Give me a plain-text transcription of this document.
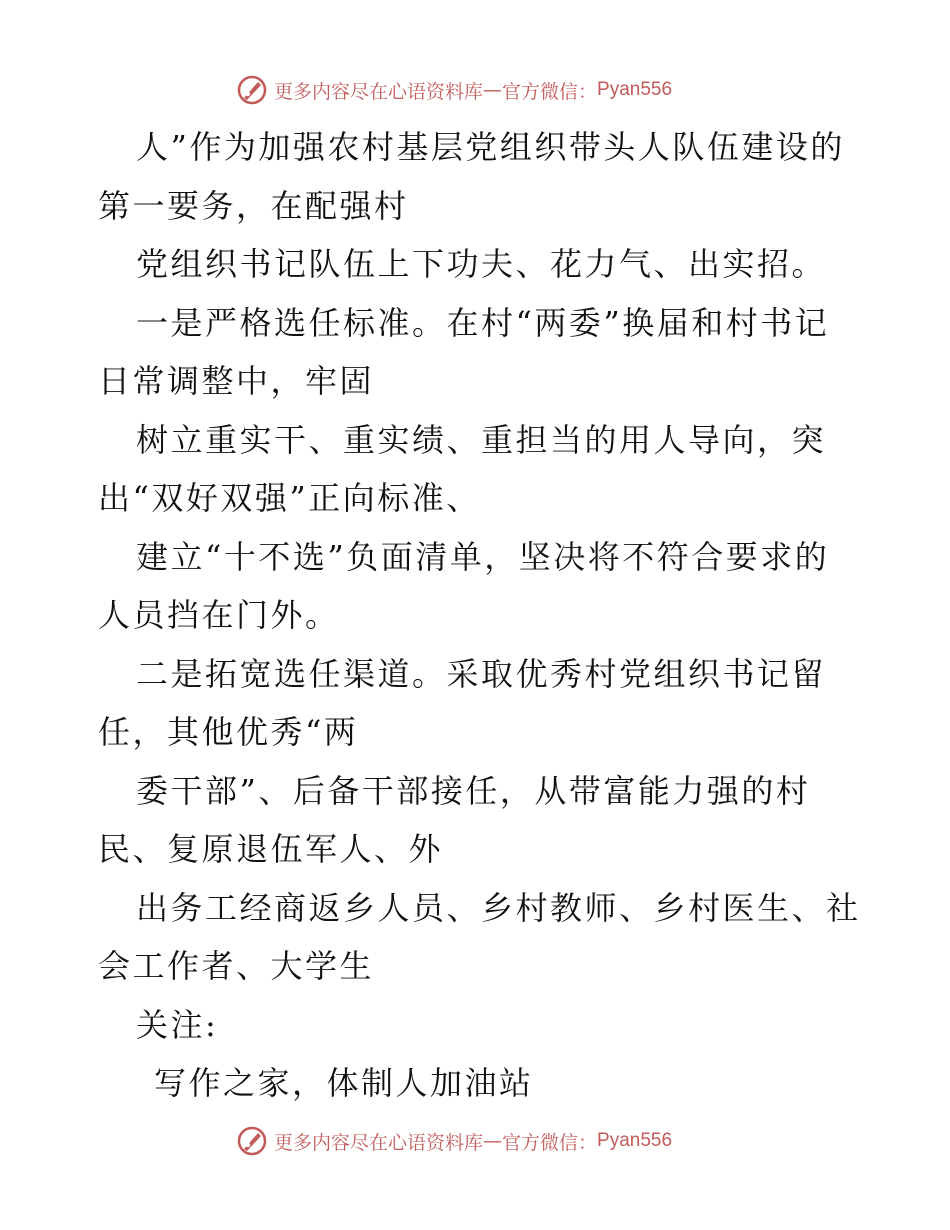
更多内容尽在心语资料库 — 官方微信： Pyan556
人”作为加强农村基层党组织带头人队伍建设的
第一要务，在配强村
党组织书记队伍上下功夫、花力气、出实招。
一是严格选任标准。在村“两委”换届和村书记
日常调整中，牢固
树立重实干、重实绩、重担当的用人导向，突
出“双好双强”正向标准、
建立“十不选”负面清单，坚决将不符合要求的
人员挡在门外。
二是拓宽选任渠道。采取优秀村党组织书记留
任，其他优秀“两
委干部”、后备干部接任，从带富能力强的村
民、复原退伍军人、外
出务工经商返乡人员、乡村教师、乡村医生、社
会工作者、大学生
关注:
写作之家，体制人加油站
更多内容尽在心语资料库 — 官方微信： Pyan556
